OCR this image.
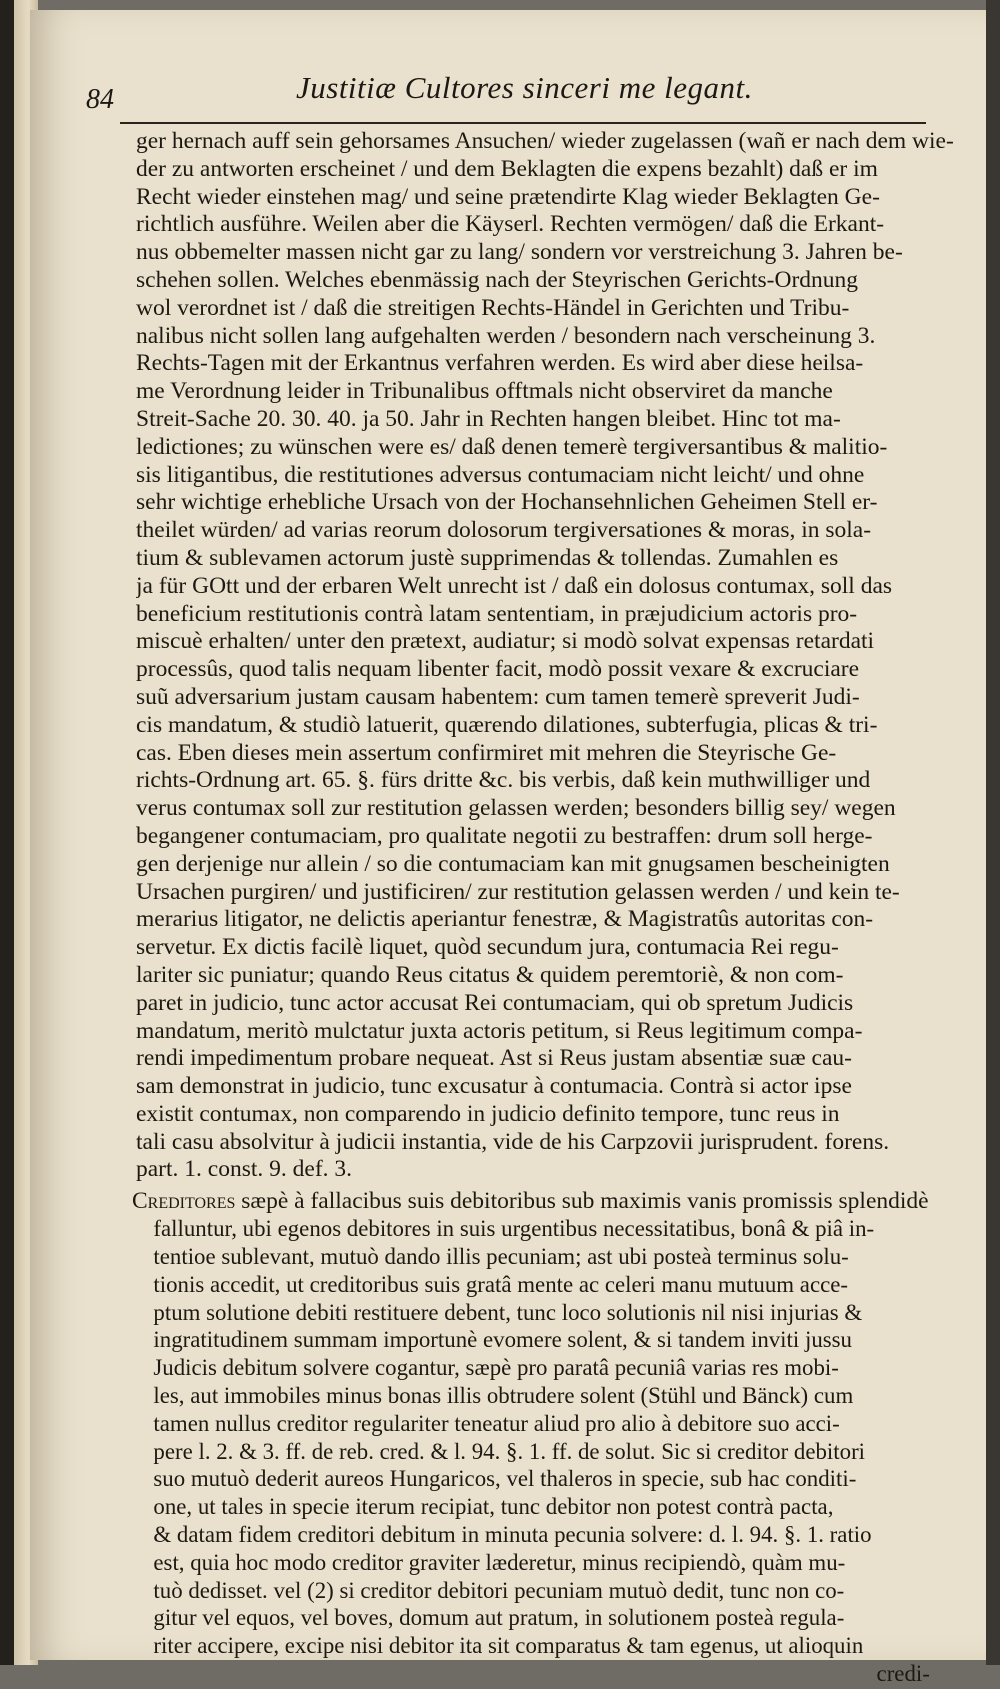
84	Justitiæ Cultores sinceri me legant.
ger hernach auff sein gehorsames Ansuchen/ wieder zugelassen (wañ er nach dem wie-
der zu antworten erscheinet / und dem Beklagten die expens bezahlt) daß er im
Recht wieder einstehen mag/ und seine prætendirte Klag wieder Beklagten Ge-
richtlich ausführe. Weilen aber die Käyserl. Rechten vermögen/ daß die Erkant-
nus obbemelter massen nicht gar zu lang/ sondern vor verstreichung 3. Jahren be-
schehen sollen. Welches ebenmässig nach der Steyrischen Gerichts-Ordnung
wol verordnet ist / daß die streitigen Rechts-Händel in Gerichten und Tribu-
nalibus nicht sollen lang aufgehalten werden / besondern nach verscheinung 3.
Rechts-Tagen mit der Erkantnus verfahren werden. Es wird aber diese heilsa-
me Verordnung leider in Tribunalibus offtmals nicht observiret da manche
Streit-Sache 20. 30. 40. ja 50. Jahr in Rechten hangen bleibet. Hinc tot ma-
ledictiones; zu wünschen were es/ daß denen temerè tergiversantibus & malitio-
sis litigantibus, die restitutiones adversus contumaciam nicht leicht/ und ohne
sehr wichtige erhebliche Ursach von der Hochansehnlichen Geheimen Stell er-
theilet würden/ ad varias reorum dolosorum tergiversationes & moras, in sola-
tium & sublevamen actorum justè supprimendas & tollendas. Zumahlen es
ja für GOtt und der erbaren Welt unrecht ist / daß ein dolosus contumax, soll das
beneficium restitutionis contrà latam sententiam, in præjudicium actoris pro-
miscuè erhalten/ unter den prætext, audiatur; si modò solvat expensas retardati
processûs, quod talis nequam libenter facit, modò possit vexare & excruciare
suũ adversarium justam causam habentem: cum tamen temerè spreverit Judi-
cis mandatum, & studiò latuerit, quærendo dilationes, subterfugia, plicas & tri-
cas. Eben dieses mein assertum confirmiret mit mehren die Steyrische Ge-
richts-Ordnung art. 65. §. fürs dritte &c. bis verbis, daß kein muthwilliger und
verus contumax soll zur restitution gelassen werden; besonders billig sey/ wegen
begangener contumaciam, pro qualitate negotii zu bestraffen: drum soll herge-
gen derjenige nur allein / so die contumaciam kan mit gnugsamen bescheinigten
Ursachen purgiren/ und justificiren/ zur restitution gelassen werden / und kein te-
merarius litigator, ne delictis aperiantur fenestræ, & Magistratûs autoritas con-
servetur. Ex dictis facilè liquet, quòd secundum jura, contumacia Rei regu-
lariter sic puniatur; quando Reus citatus & quidem peremtoriè, & non com-
paret in judicio, tunc actor accusat Rei contumaciam, qui ob spretum Judicis
mandatum, meritò mulctatur juxta actoris petitum, si Reus legitimum compa-
rendi impedimentum probare nequeat. Ast si Reus justam absentiæ suæ cau-
sam demonstrat in judicio, tunc excusatur à contumacia. Contrà si actor ipse
existit contumax, non comparendo in judicio definito tempore, tunc reus in
tali casu absolvitur à judicii instantia, vide de his Carpzovii jurisprudent. forens.
part. 1. const. 9. def. 3.
Creditores sæpè à fallacibus suis debitoribus sub maximis vanis promissis splendidè
falluntur, ubi egenos debitores in suis urgentibus necessitatibus, bonâ & piâ in-
tentioe sublevant, mutuò dando illis pecuniam; ast ubi posteà terminus solu-
tionis accedit, ut creditoribus suis gratâ mente ac celeri manu mutuum acce-
ptum solutione debiti restituere debent, tunc loco solutionis nil nisi injurias &
ingratitudinem summam importunè evomere solent, & si tandem inviti jussu
Judicis debitum solvere cogantur, sæpè pro paratâ pecuniâ varias res mobi-
les, aut immobiles minus bonas illis obtrudere solent (Stühl und Bänck) cum
tamen nullus creditor regulariter teneatur aliud pro alio à debitore suo acci-
pere l. 2. & 3. ff. de reb. cred. & l. 94. §. 1. ff. de solut. Sic si creditor debitori
suo mutuò dederit aureos Hungaricos, vel thaleros in specie, sub hac conditi-
one, ut tales in specie iterum recipiat, tunc debitor non potest contrà pacta,
& datam fidem creditori debitum in minuta pecunia solvere: d. l. 94. §. 1. ratio
est, quia hoc modo creditor graviter læderetur, minus recipiendò, quàm mu-
tuò dedisset. vel (2) si creditor debitori pecuniam mutuò dedit, tunc non co-
gitur vel equos, vel boves, domum aut pratum, in solutionem posteà regula-
riter accipere, excipe nisi debitor ita sit comparatus & tam egenus, ut alioquin
credi-
